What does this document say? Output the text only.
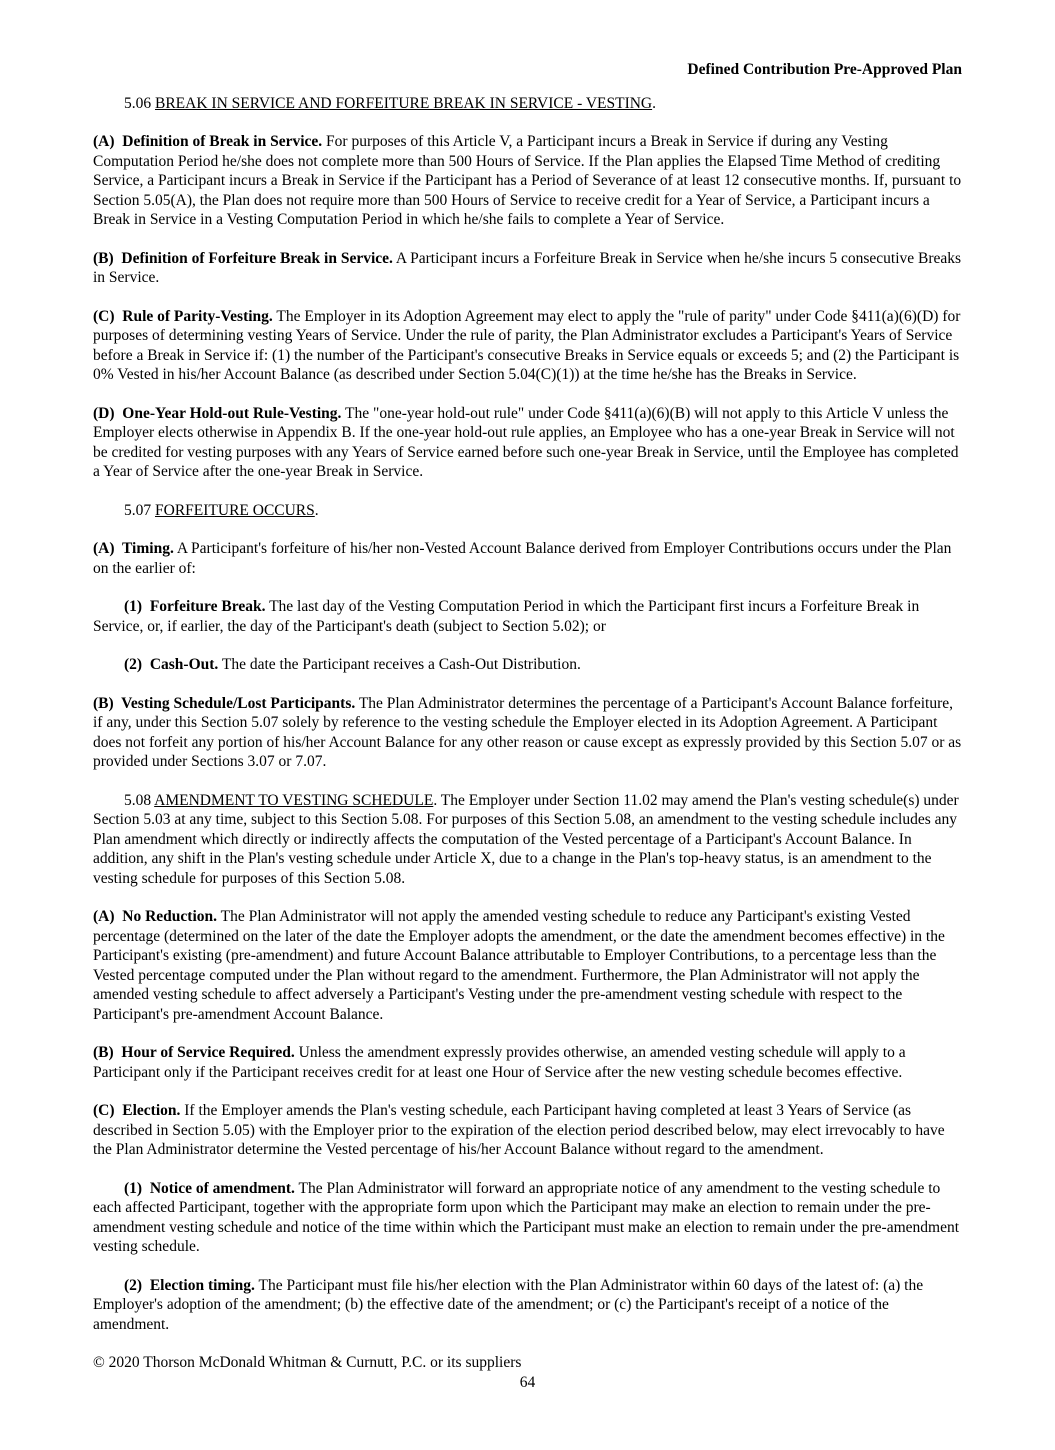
Defined Contribution Pre-Approved Plan

5.06 BREAK IN SERVICE AND FORFEITURE BREAK IN SERVICE - VESTING.

(A)  Definition of Break in Service. For purposes of this Article V, a Participant incurs a Break in Service if during any Vesting Computation Period he/she does not complete more than 500 Hours of Service. If the Plan applies the Elapsed Time Method of crediting Service, a Participant incurs a Break in Service if the Participant has a Period of Severance of at least 12 consecutive months. If, pursuant to Section 5.05(A), the Plan does not require more than 500 Hours of Service to receive credit for a Year of Service, a Participant incurs a Break in Service in a Vesting Computation Period in which he/she fails to complete a Year of Service.

(B)  Definition of Forfeiture Break in Service. A Participant incurs a Forfeiture Break in Service when he/she incurs 5 consecutive Breaks in Service.

(C)  Rule of Parity-Vesting. The Employer in its Adoption Agreement may elect to apply the "rule of parity" under Code §411(a)(6)(D) for purposes of determining vesting Years of Service. Under the rule of parity, the Plan Administrator excludes a Participant's Years of Service before a Break in Service if: (1) the number of the Participant's consecutive Breaks in Service equals or exceeds 5; and (2) the Participant is 0% Vested in his/her Account Balance (as described under Section 5.04(C)(1)) at the time he/she has the Breaks in Service.

(D)  One-Year Hold-out Rule-Vesting. The "one-year hold-out rule" under Code §411(a)(6)(B) will not apply to this Article V unless the Employer elects otherwise in Appendix B. If the one-year hold-out rule applies, an Employee who has a one-year Break in Service will not be credited for vesting purposes with any Years of Service earned before such one-year Break in Service, until the Employee has completed a Year of Service after the one-year Break in Service.

5.07 FORFEITURE OCCURS.

(A)  Timing. A Participant's forfeiture of his/her non-Vested Account Balance derived from Employer Contributions occurs under the Plan on the earlier of:

(1)  Forfeiture Break. The last day of the Vesting Computation Period in which the Participant first incurs a Forfeiture Break in Service, or, if earlier, the day of the Participant's death (subject to Section 5.02); or

(2)  Cash-Out. The date the Participant receives a Cash-Out Distribution.

(B)  Vesting Schedule/Lost Participants. The Plan Administrator determines the percentage of a Participant's Account Balance forfeiture, if any, under this Section 5.07 solely by reference to the vesting schedule the Employer elected in its Adoption Agreement. A Participant does not forfeit any portion of his/her Account Balance for any other reason or cause except as expressly provided by this Section 5.07 or as provided under Sections 3.07 or 7.07.

5.08 AMENDMENT TO VESTING SCHEDULE. The Employer under Section 11.02 may amend the Plan's vesting schedule(s) under Section 5.03 at any time, subject to this Section 5.08. For purposes of this Section 5.08, an amendment to the vesting schedule includes any Plan amendment which directly or indirectly affects the computation of the Vested percentage of a Participant's Account Balance. In addition, any shift in the Plan's vesting schedule under Article X, due to a change in the Plan's top-heavy status, is an amendment to the vesting schedule for purposes of this Section 5.08.

(A)  No Reduction. The Plan Administrator will not apply the amended vesting schedule to reduce any Participant's existing Vested percentage (determined on the later of the date the Employer adopts the amendment, or the date the amendment becomes effective) in the Participant's existing (pre-amendment) and future Account Balance attributable to Employer Contributions, to a percentage less than the Vested percentage computed under the Plan without regard to the amendment. Furthermore, the Plan Administrator will not apply the amended vesting schedule to affect adversely a Participant's Vesting under the pre-amendment vesting schedule with respect to the Participant's pre-amendment Account Balance.

(B)  Hour of Service Required. Unless the amendment expressly provides otherwise, an amended vesting schedule will apply to a Participant only if the Participant receives credit for at least one Hour of Service after the new vesting schedule becomes effective.

(C)  Election. If the Employer amends the Plan's vesting schedule, each Participant having completed at least 3 Years of Service (as described in Section 5.05) with the Employer prior to the expiration of the election period described below, may elect irrevocably to have the Plan Administrator determine the Vested percentage of his/her Account Balance without regard to the amendment.

(1)  Notice of amendment. The Plan Administrator will forward an appropriate notice of any amendment to the vesting schedule to each affected Participant, together with the appropriate form upon which the Participant may make an election to remain under the pre-amendment vesting schedule and notice of the time within which the Participant must make an election to remain under the pre-amendment vesting schedule.

(2)  Election timing. The Participant must file his/her election with the Plan Administrator within 60 days of the latest of: (a) the Employer's adoption of the amendment; (b) the effective date of the amendment; or (c) the Participant's receipt of a notice of the amendment.

© 2020 Thorson McDonald Whitman & Curnutt, P.C. or its suppliers

64
